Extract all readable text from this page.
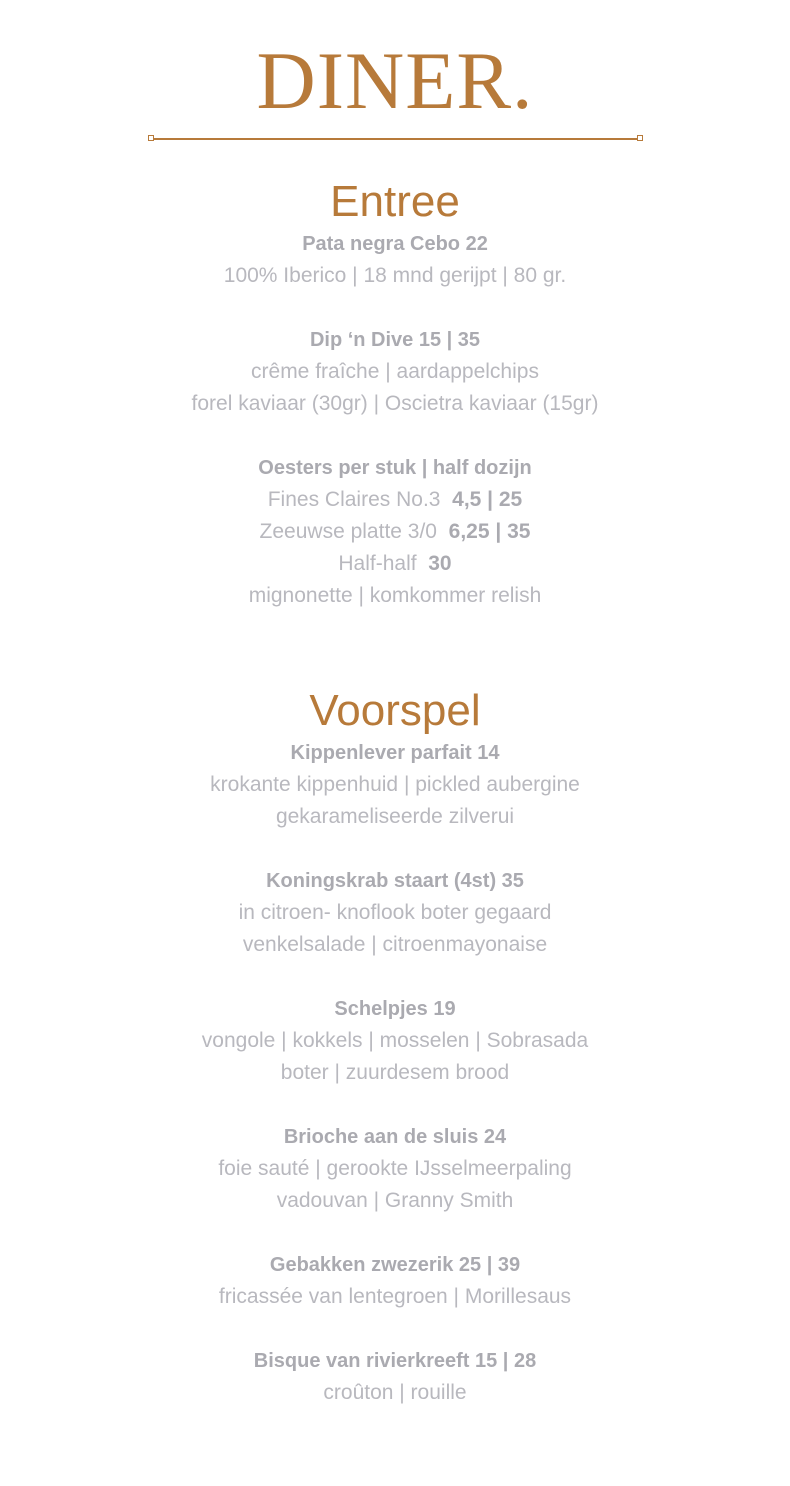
DINER.
Entree
Pata negra Cebo 22
100% Iberico | 18 mnd gerijpt | 80 gr.
Dip ‘n Dive 15 | 35
crême fraîche | aardappelchips
forel kaviaar (30gr) | Oscietra kaviaar (15gr)
Oesters per stuk | half dozijn
Fines Claires No.3 4,5 | 25
Zeeuwse platte 3/0 6,25 | 35
Half-half 30
mignonette | komkommer relish
Voorspel
Kippenlever parfait 14
krokante kippenhuid | pickled aubergine
gekarameliseerde zilverui
Koningskrab staart (4st) 35
in citroen- knoflook boter gegaard
venkelsalade | citroenmayonaise
Schelpjes 19
vongole | kokkels | mosselen | Sobrasada
boter | zuurdesem brood
Brioche aan de sluis 24
foie sauté | gerookte IJsselmeerpaling
vadouvan | Granny Smith
Gebakken zwezerik 25 | 39
fricassée van lentegroen | Morillesaus
Bisque van rivierkreeft 15 | 28
croûton | rouille
